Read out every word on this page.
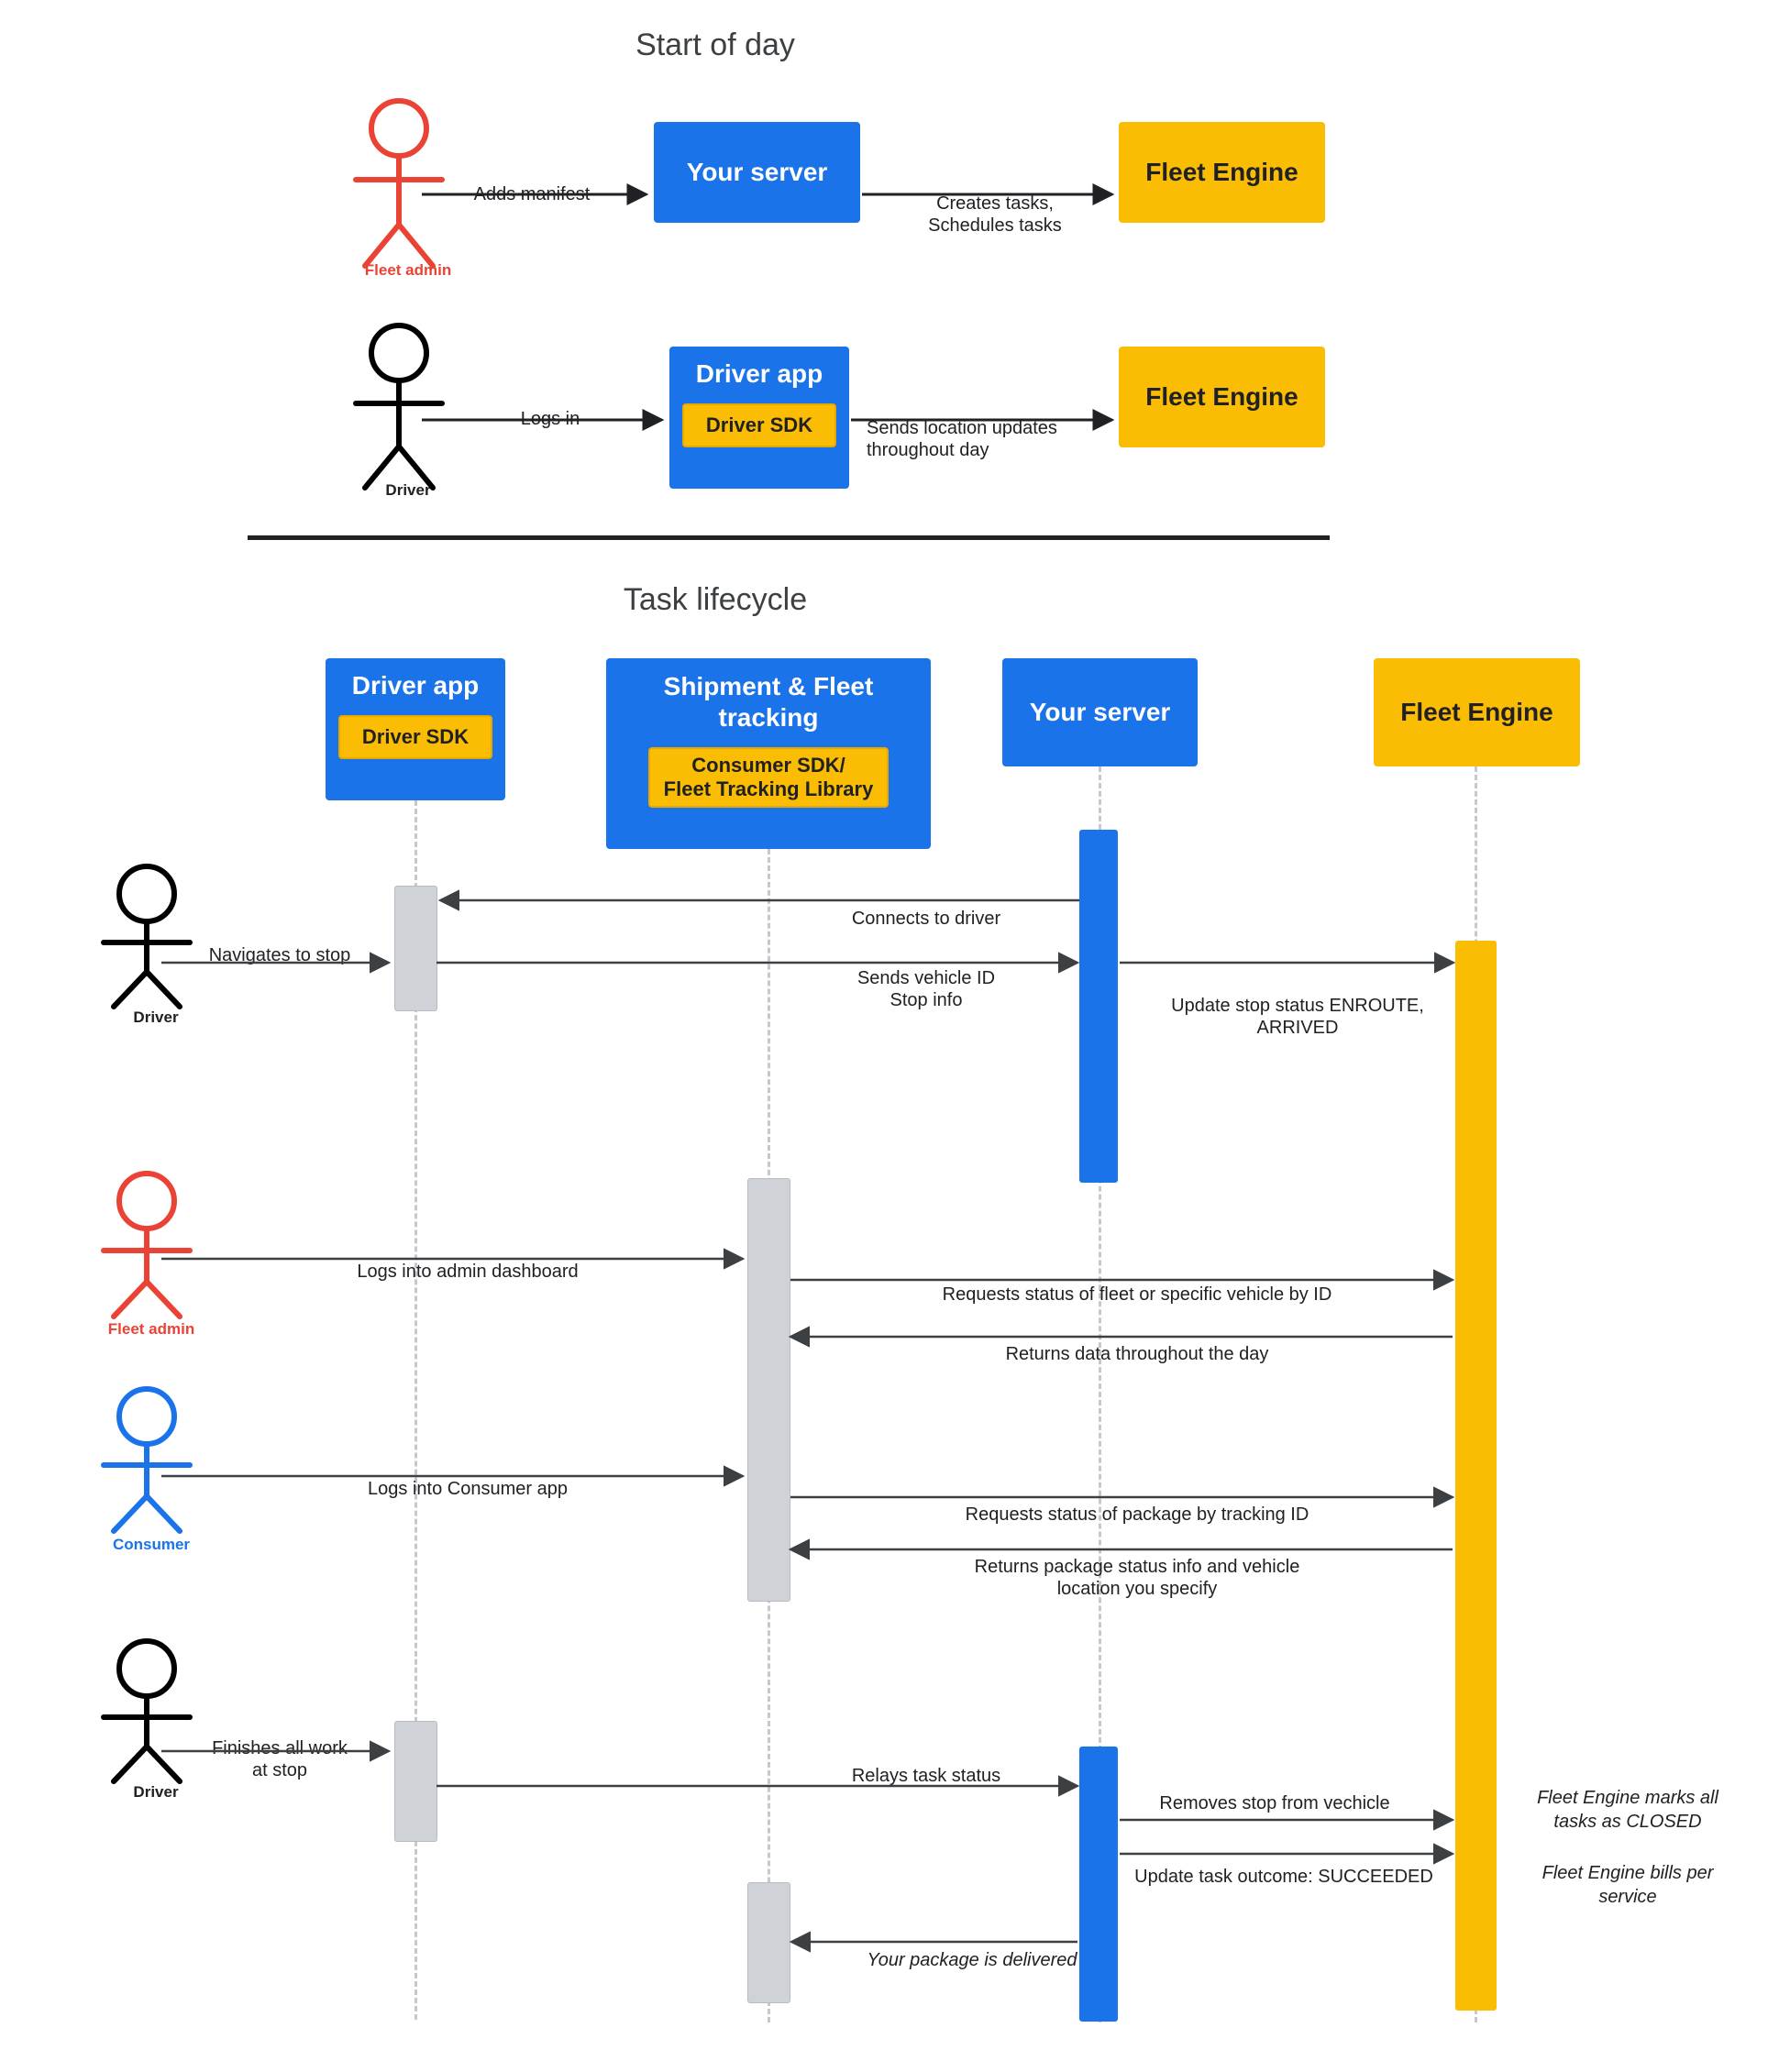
Start of day
Task lifecycle
Your server	Fleet Engine
Driver app
Driver SDK
Fleet Engine
Adds manifest	Creates tasks,
Schedules tasks
Logs in	Sends location updates
throughout day
Fleet admin
Driver
Driver app
Driver SDK
Shipment & Fleet tracking
Consumer SDK/
Fleet Tracking Library
Your server	Fleet Engine
Driver
Fleet admin
Consumer
Driver
Navigates to stop
Connects to driver
Sends vehicle ID
Stop info	Update stop status ENROUTE,
ARRIVED
Logs into admin dashboard
Requests status of fleet or specific vehicle by ID
Returns data throughout the day
Logs into Consumer app
Requests status of package by tracking ID
Returns package status info and vehicle
location you specify
Finishes all work
at stop	Relays task status
Removes stop from vechicle
Update task outcome: SUCCEEDED
Your package is delivered
Fleet Engine marks all
tasks as CLOSED
Fleet Engine bills per
service
